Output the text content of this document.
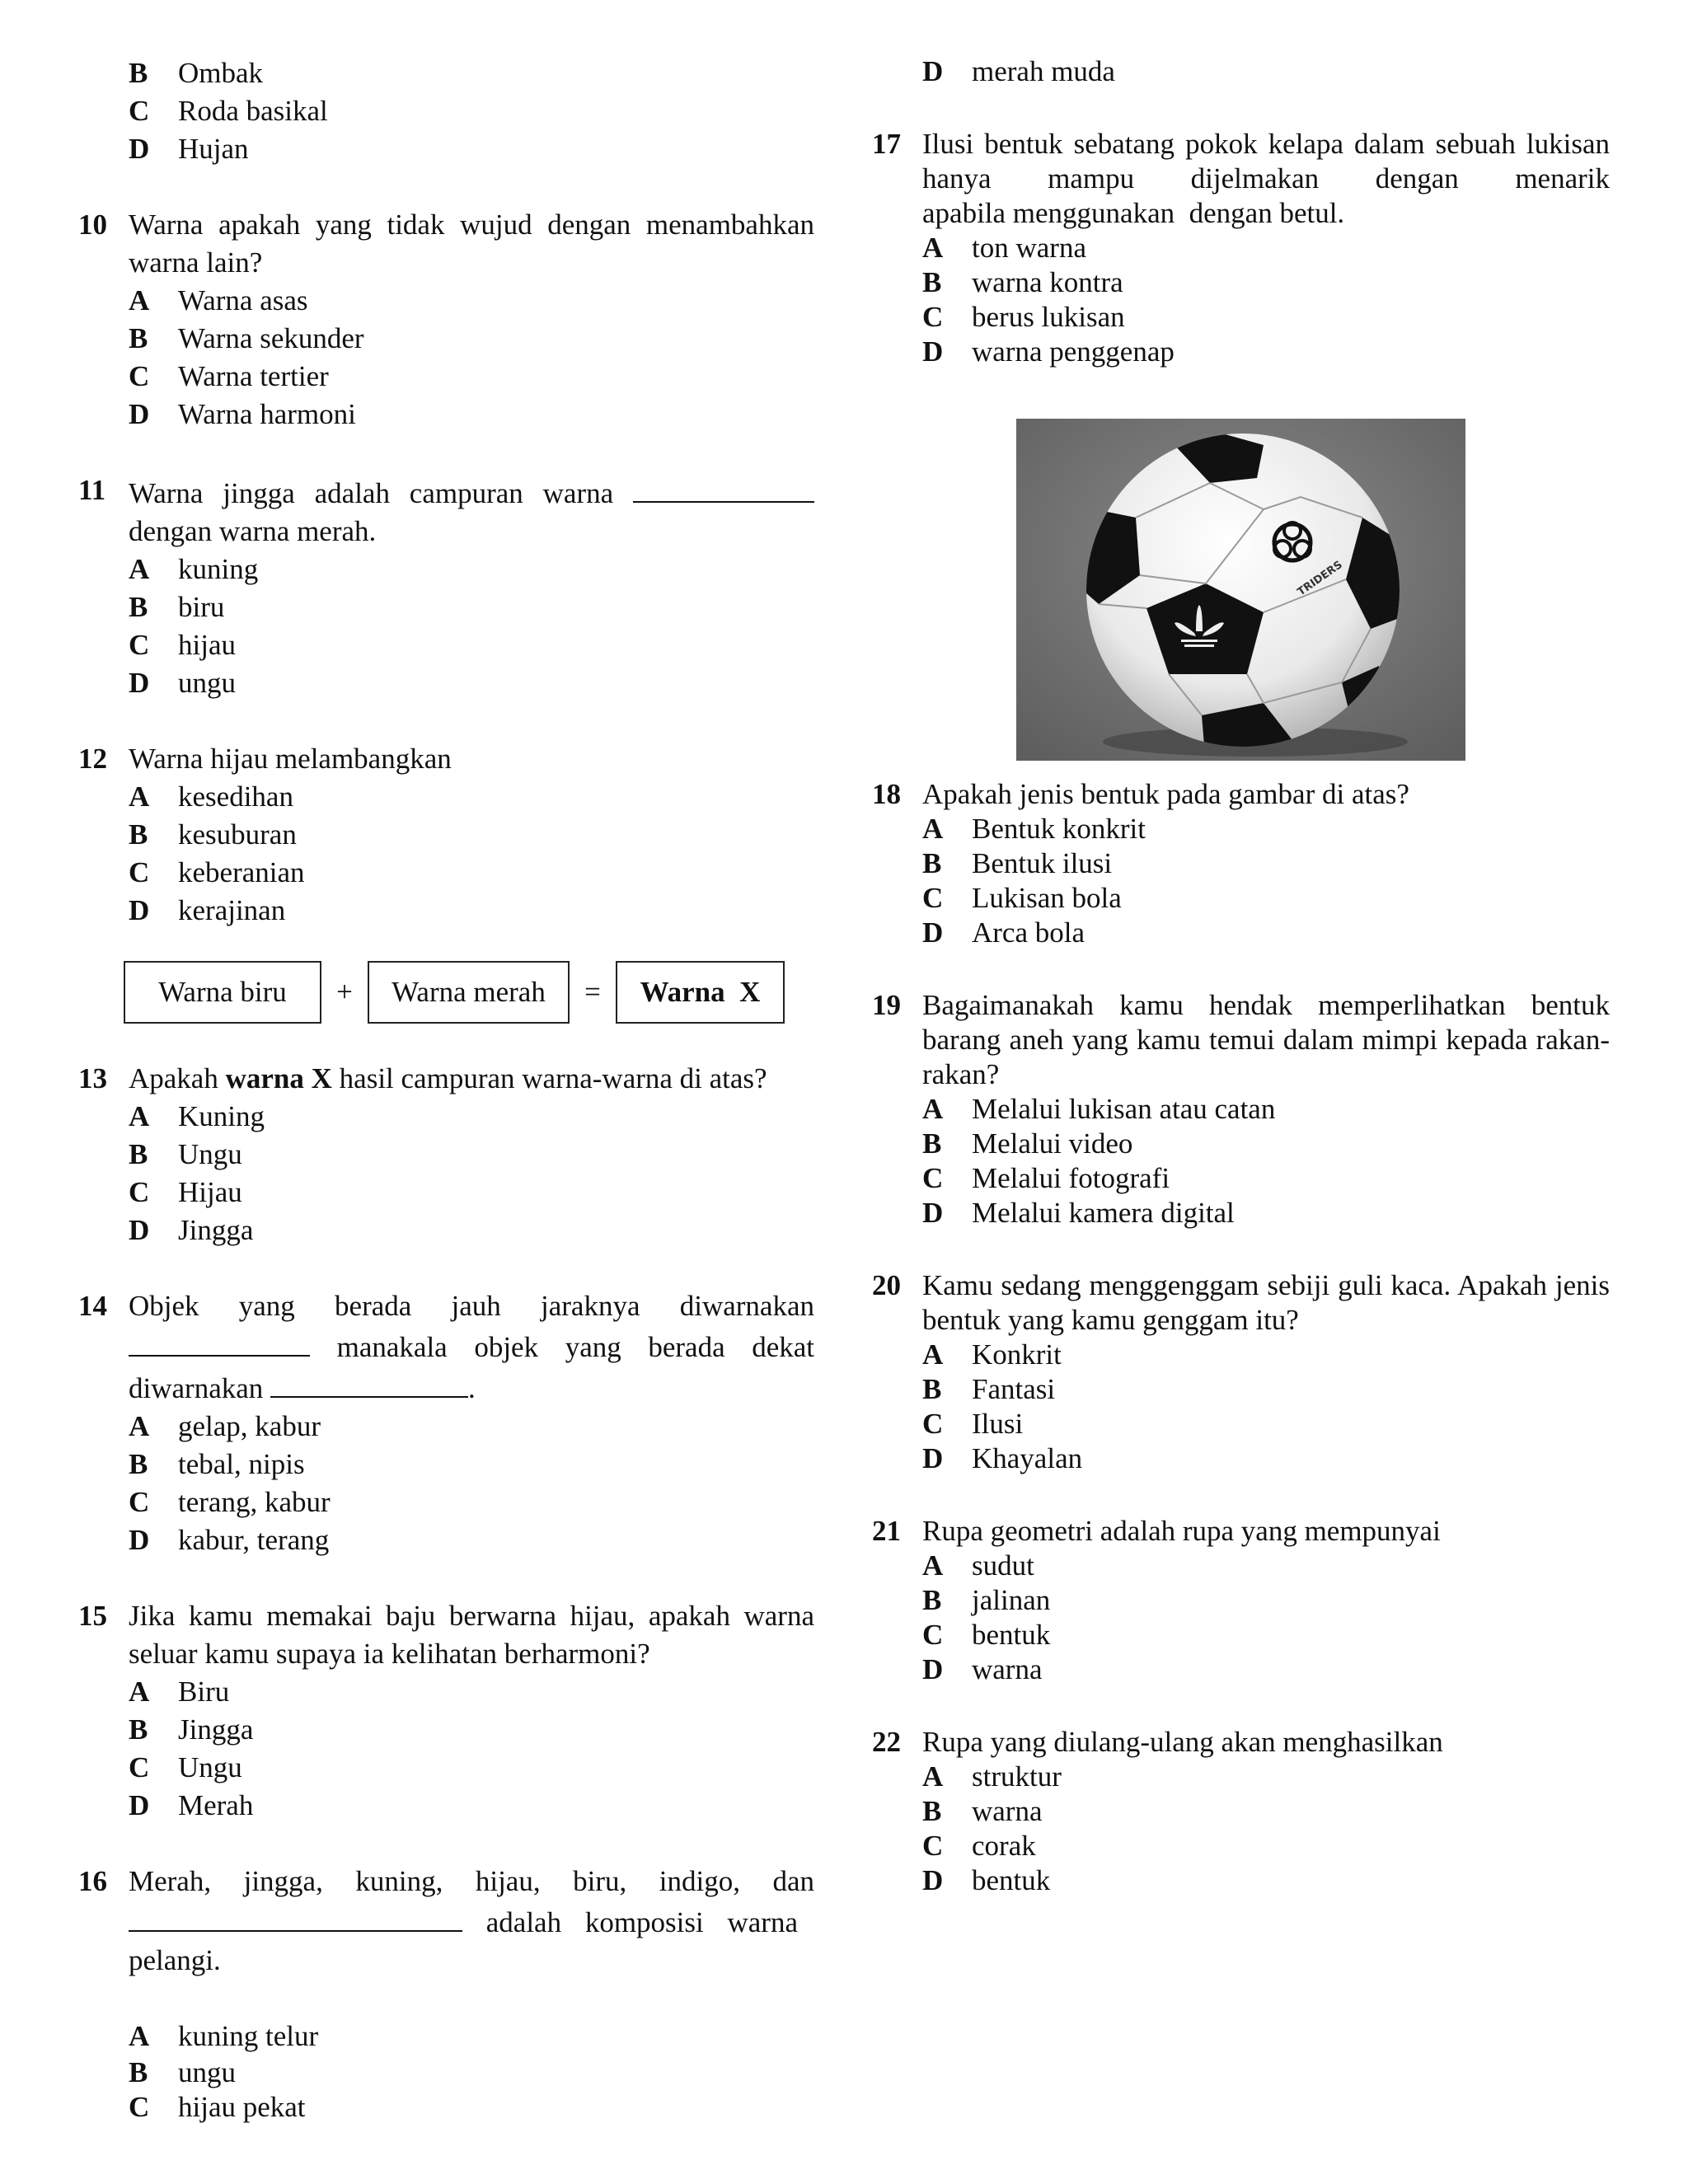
B Ombak
C Roda basikal
D Hujan
10 Warna apakah yang tidak wujud dengan menambahkan warna lain?
A Warna asas
B Warna sekunder
C Warna tertier
D Warna harmoni
11 Warna jingga adalah campuran warna
dengan warna merah.
A kuning
B biru
C hijau
D ungu
12 Warna hijau melambangkan
A kesedihan
B kesuburan
C keberanian
D kerajinan
Warna biru	+	Warna merah	=	Warna  X
13 Apakah warna X hasil campuran warna-warna di atas?
A Kuning
B Ungu
C Hijau
D Jingga
14 Objek yang berada jauh jaraknya diwarnakan
manakala objek yang berada dekat
diwarnakan	.
A gelap, kabur
B tebal, nipis
C terang, kabur
D kabur, terang
15 Jika kamu memakai baju berwarna hijau, apakah warna seluar kamu supaya ia kelihatan berharmoni?
A Biru
B Jingga
C Ungu
D Merah
16 Merah, jingga, kuning, hijau, biru, indigo, dan
adalah komposisi warna
pelangi.
A kuning telur
B ungu
C hijau pekat
D merah muda
17 Ilusi bentuk sebatang pokok kelapa dalam sebuah lukisan hanya mampu dijelmakan dengan menarik
apabila menggunakan  dengan betul.
A ton warna
B warna kontra
C berus lukisan
D warna penggenap
TRIDERS
18 Apakah jenis bentuk pada gambar di atas?
A Bentuk konkrit
B Bentuk ilusi
C Lukisan bola
D Arca bola
19 Bagaimanakah kamu hendak memperlihatkan bentuk barang aneh yang kamu temui dalam mimpi kepada rakan-rakan?
A Melalui lukisan atau catan
B Melalui video
C Melalui fotografi
D Melalui kamera digital
20 Kamu sedang menggenggam sebiji guli kaca. Apakah jenis bentuk yang kamu genggam itu?
A Konkrit
B Fantasi
C Ilusi
D Khayalan
21 Rupa geometri adalah rupa yang mempunyai
A sudut
B jalinan
C bentuk
D warna
22 Rupa yang diulang-ulang akan menghasilkan
A struktur
B warna
C corak
D bentuk
